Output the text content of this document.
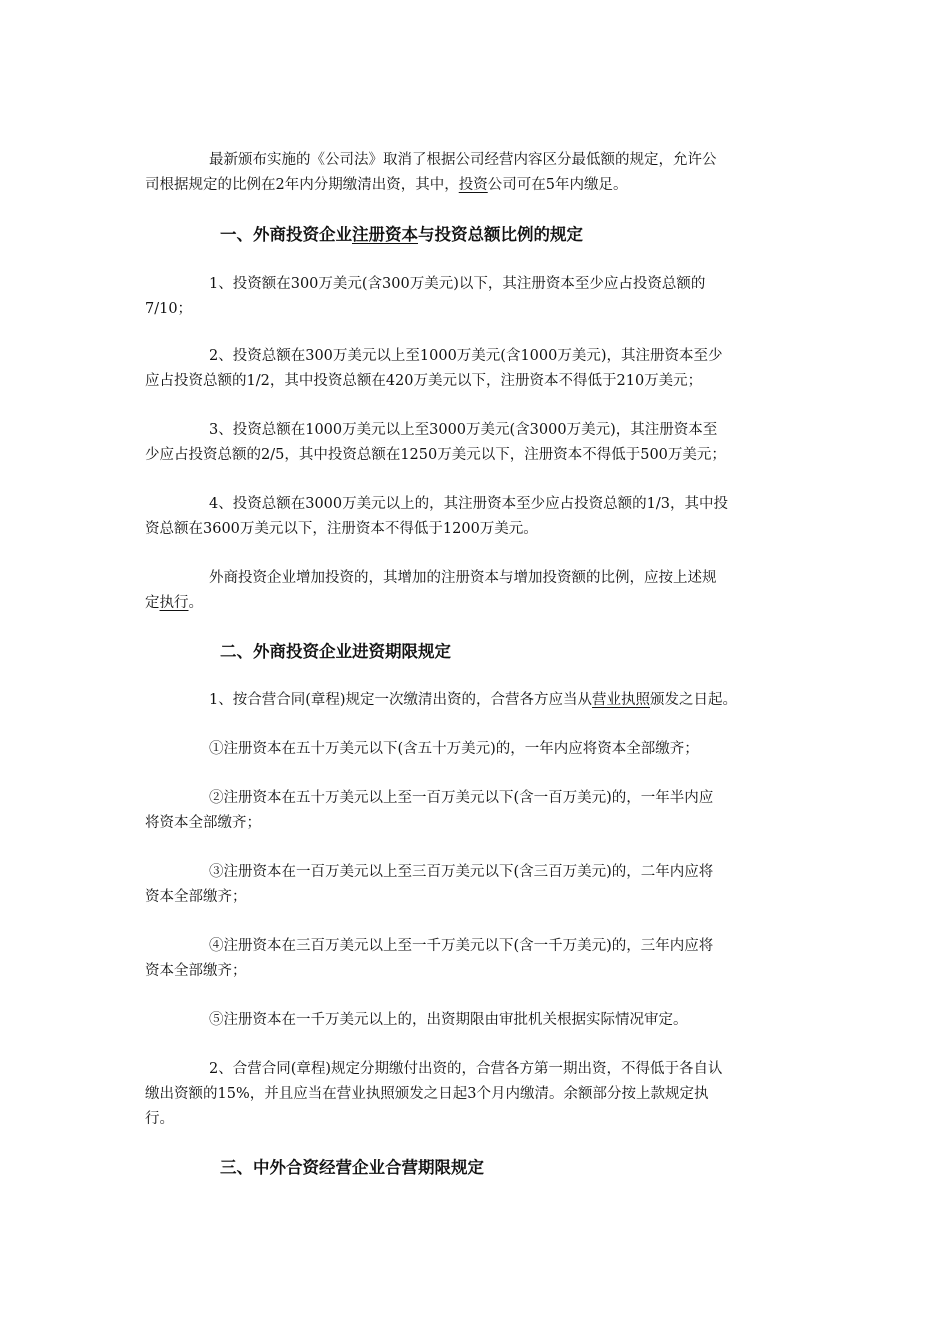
最新颁布实施的《公司法》取消了根据公司经营内容区分最低额的规定，允许公
司根据规定的比例在2年内分期缴清出资，其中，投资公司可在5年内缴足。

一、外商投资企业注册资本与投资总额比例的规定

1、投资额在300万美元(含300万美元)以下，其注册资本至少应占投资总额的
7/10；

2、投资总额在300万美元以上至1000万美元(含1000万美元)，其注册资本至少
应占投资总额的1/2，其中投资总额在420万美元以下，注册资本不得低于210万美元；

3、投资总额在1000万美元以上至3000万美元(含3000万美元)，其注册资本至
少应占投资总额的2/5，其中投资总额在1250万美元以下，注册资本不得低于500万美元；

4、投资总额在3000万美元以上的，其注册资本至少应占投资总额的1/3，其中投
资总额在3600万美元以下，注册资本不得低于1200万美元。

外商投资企业增加投资的，其增加的注册资本与增加投资额的比例，应按上述规
定执行。

二、外商投资企业进资期限规定

1、按合营合同(章程)规定一次缴清出资的，合营各方应当从营业执照颁发之日起。

①注册资本在五十万美元以下(含五十万美元)的，一年内应将资本全部缴齐；

②注册资本在五十万美元以上至一百万美元以下(含一百万美元)的，一年半内应
将资本全部缴齐；

③注册资本在一百万美元以上至三百万美元以下(含三百万美元)的，二年内应将
资本全部缴齐；

④注册资本在三百万美元以上至一千万美元以下(含一千万美元)的，三年内应将
资本全部缴齐；

⑤注册资本在一千万美元以上的，出资期限由审批机关根据实际情况审定。

2、合营合同(章程)规定分期缴付出资的，合营各方第一期出资，不得低于各自认
缴出资额的15%，并且应当在营业执照颁发之日起3个月内缴清。余额部分按上款规定执
行。

三、中外合资经营企业合营期限规定
